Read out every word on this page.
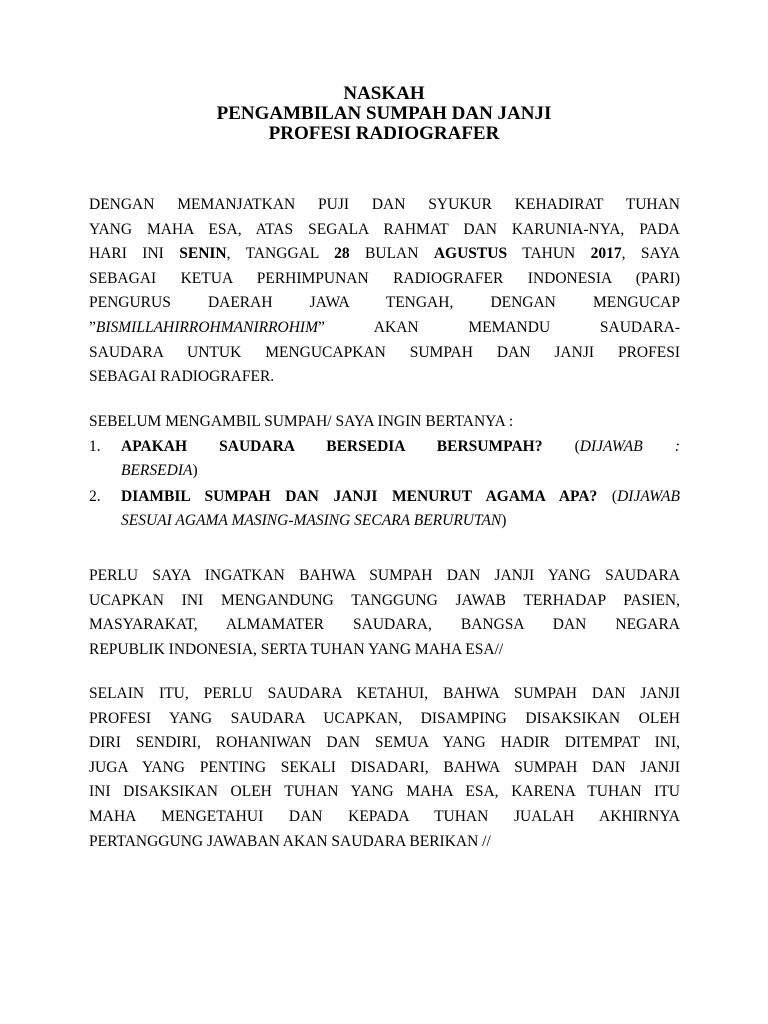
NASKAH
PENGAMBILAN SUMPAH DAN JANJI
PROFESI RADIOGRAFER
DENGAN MEMANJATKAN PUJI DAN SYUKUR KEHADIRAT TUHAN
YANG MAHA ESA, ATAS SEGALA RAHMAT DAN KARUNIA-NYA, PADA
HARI INI SENIN, TANGGAL 28 BULAN AGUSTUS TAHUN 2017, SAYA
SEBAGAI KETUA PERHIMPUNAN RADIOGRAFER INDONESIA (PARI)
PENGURUS DAERAH JAWA TENGAH, DENGAN MENGUCAP
”BISMILLAHIRROHMANIRROHIM” AKAN MEMANDU SAUDARA-
SAUDARA UNTUK MENGUCAPKAN SUMPAH DAN JANJI PROFESI
SEBAGAI RADIOGRAFER.
SEBELUM MENGAMBIL SUMPAH/ SAYA INGIN BERTANYA :
1. APAKAH SAUDARA BERSEDIA BERSUMPAH? (DIJAWAB :
BERSEDIA)
2. DIAMBIL SUMPAH DAN JANJI MENURUT AGAMA APA? (DIJAWAB
SESUAI AGAMA MASING-MASING SECARA BERURUTAN)
PERLU SAYA INGATKAN BAHWA SUMPAH DAN JANJI YANG SAUDARA
UCAPKAN INI MENGANDUNG TANGGUNG JAWAB TERHADAP PASIEN,
MASYARAKAT, ALMAMATER SAUDARA, BANGSA DAN NEGARA
REPUBLIK INDONESIA, SERTA TUHAN YANG MAHA ESA//
SELAIN ITU, PERLU SAUDARA KETAHUI, BAHWA SUMPAH DAN JANJI
PROFESI YANG SAUDARA UCAPKAN, DISAMPING DISAKSIKAN OLEH
DIRI SENDIRI, ROHANIWAN DAN SEMUA YANG HADIR DITEMPAT INI,
JUGA YANG PENTING SEKALI DISADARI, BAHWA SUMPAH DAN JANJI
INI DISAKSIKAN OLEH TUHAN YANG MAHA ESA, KARENA TUHAN ITU
MAHA MENGETAHUI DAN KEPADA TUHAN JUALAH AKHIRNYA
PERTANGGUNG JAWABAN AKAN SAUDARA BERIKAN //
